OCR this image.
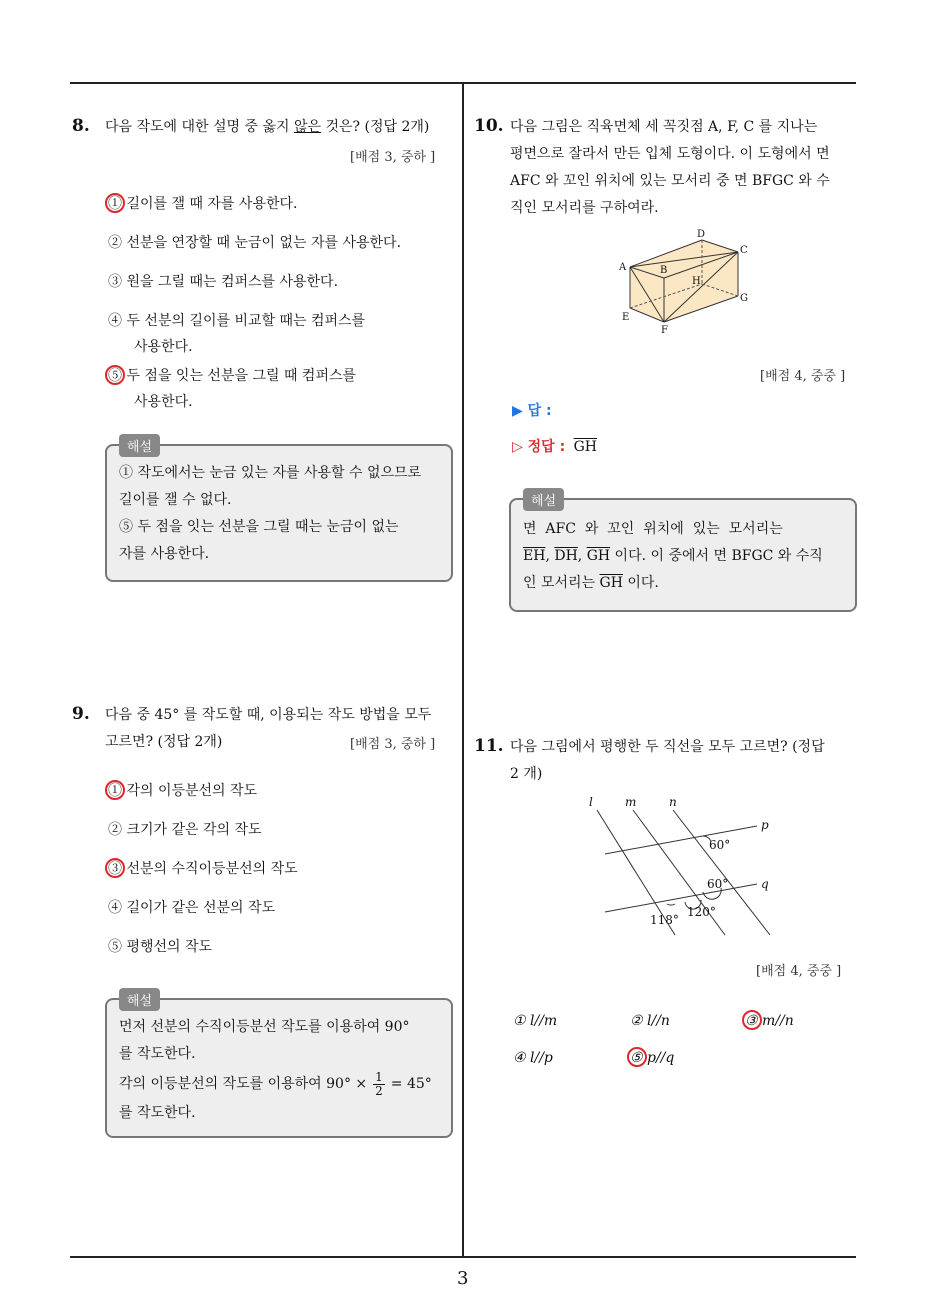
8. 다음 작도에 대한 설명 중 옳지 않은 것은? (정답 2개)
[배점 3, 중하 ]
① 길이를 잴 때 자를 사용한다.
② 선분을 연장할 때 눈금이 없는 자를 사용한다.
③ 원을 그릴 때는 컴퍼스를 사용한다.
④ 두 선분의 길이를 비교할 때는 컴퍼스를
사용한다.
⑤ 두 점을 잇는 선분을 그릴 때 컴퍼스를
사용한다.
해설
① 작도에서는 눈금 있는 자를 사용할 수 없으므로
길이를 잴 수 없다.
⑤ 두 점을 잇는 선분을 그릴 때는 눈금이 없는
자를 사용한다.
9. 다음 중 45° 를 작도할 때, 이용되는 작도 방법을 모두
고르면? (정답 2개)	[배점 3, 중하 ]
① 각의 이등분선의 작도
② 크기가 같은 각의 작도
③ 선분의 수직이등분선의 작도
④ 길이가 같은 선분의 작도
⑤ 평행선의 작도
해설
먼저 선분의 수직이등분선 작도를 이용하여 90°
를 작도한다.
각의 이등분선의 작도를 이용하여 $90^\circ \times \frac{1}{2} = 45^\circ$
를 작도한다.
10. 다음 그림은 직육면체 세 꼭짓점 A, F, C 를 지나는
평면으로 잘라서 만든 입체 도형이다. 이 도형에서 면
AFC 와 꼬인 위치에 있는 모서리 중 면 BFGC 와 수
직인 모서리를 구하여라.
A	B
C
D
E
F
G
H
[배점 4, 중중 ]
▶ 답 :
▷ 정답 : $\overline{GH}$
해설
면  AFC  와  꼬인  위치에  있는  모서리는
$\overline{EH}$, $\overline{DH}$, $\overline{GH}$ 이다. 이 중에서 면 BFGC 와 수직
인 모서리는 $\overline{GH}$ 이다.
11. 다음 그림에서 평행한 두 직선을 모두 고르면? (정답
2 개)
l	m	n
p
q
60°
60°
118°
120°
[배점 4, 중중 ]
① l//m	② l//n	③ m//n
④ l//p	⑤ p//q
3
